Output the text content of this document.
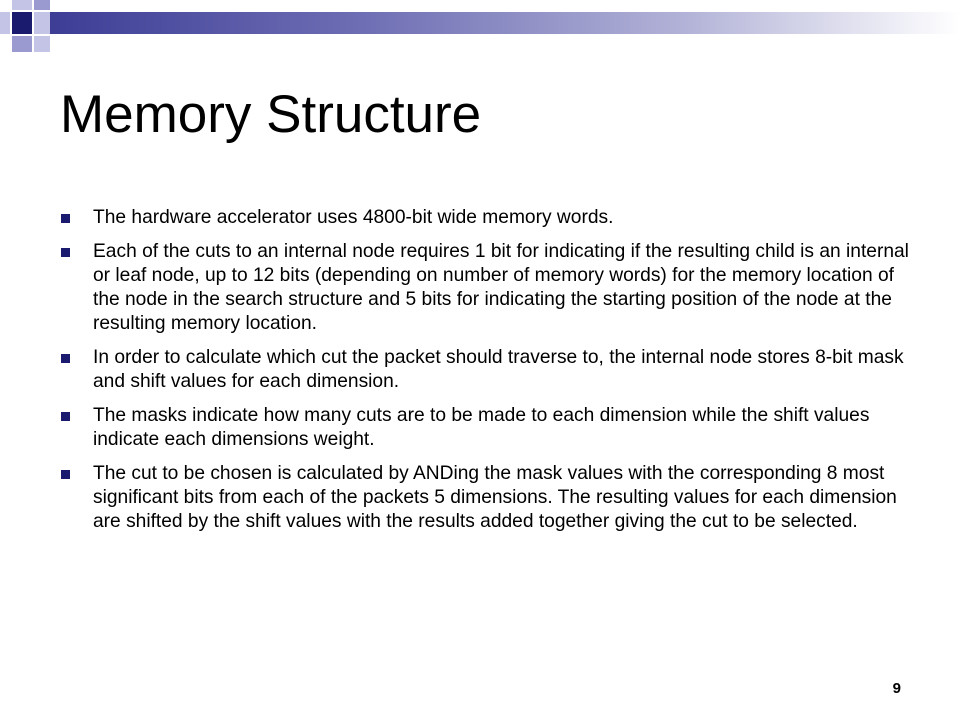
Memory Structure
The hardware accelerator uses 4800-bit wide memory words.
Each of the cuts to an internal node requires 1 bit for indicating if the resulting child is an internal or leaf node, up to 12 bits (depending on number of memory words) for the memory location of the node in the search structure and 5 bits for indicating the starting position of the node at the resulting memory location.
In order to calculate which cut the packet should traverse to, the internal node stores 8-bit mask and shift values for each dimension.
The masks indicate how many cuts are to be made to each dimension while the shift values indicate each dimensions weight.
The cut to be chosen is calculated by ANDing the mask values with the corresponding 8 most significant bits from each of the packets 5 dimensions. The resulting values for each dimension are shifted by the shift values with the results added together giving the cut to be selected.
9
